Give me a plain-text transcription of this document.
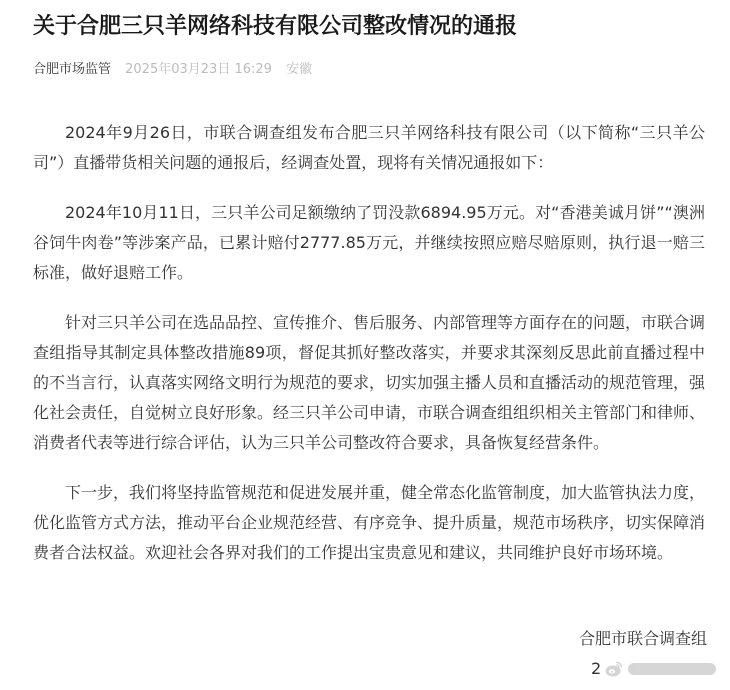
关于合肥三只羊网络科技有限公司整改情况的通报
合肥市场监管 2025年03月23日 16:29 安徽

2024年9月26日，市联合调查组发布合肥三只羊网络科技有限公司（以下简称“三只羊公司”）直播带货相关问题的通报后，经调查处置，现将有关情况通报如下：

2024年10月11日，三只羊公司足额缴纳了罚没款6894.95万元。对“香港美诚月饼”“澳洲谷饲牛肉卷”等涉案产品，已累计赔付2777.85万元，并继续按照应赔尽赔原则，执行退一赔三标准，做好退赔工作。

针对三只羊公司在选品品控、宣传推介、售后服务、内部管理等方面存在的问题，市联合调查组指导其制定具体整改措施89项，督促其抓好整改落实，并要求其深刻反思此前直播过程中的不当言行，认真落实网络文明行为规范的要求，切实加强主播人员和直播活动的规范管理，强化社会责任，自觉树立良好形象。经三只羊公司申请，市联合调查组组织相关主管部门和律师、消费者代表等进行综合评估，认为三只羊公司整改符合要求，具备恢复经营条件。

下一步，我们将坚持监管规范和促进发展并重，健全常态化监管制度，加大监管执法力度，优化监管方式方法，推动平台企业规范经营、有序竞争、提升质量，规范市场秩序，切实保障消费者合法权益。欢迎社会各界对我们的工作提出宝贵意见和建议，共同维护良好市场环境。

合肥市联合调查组
2
